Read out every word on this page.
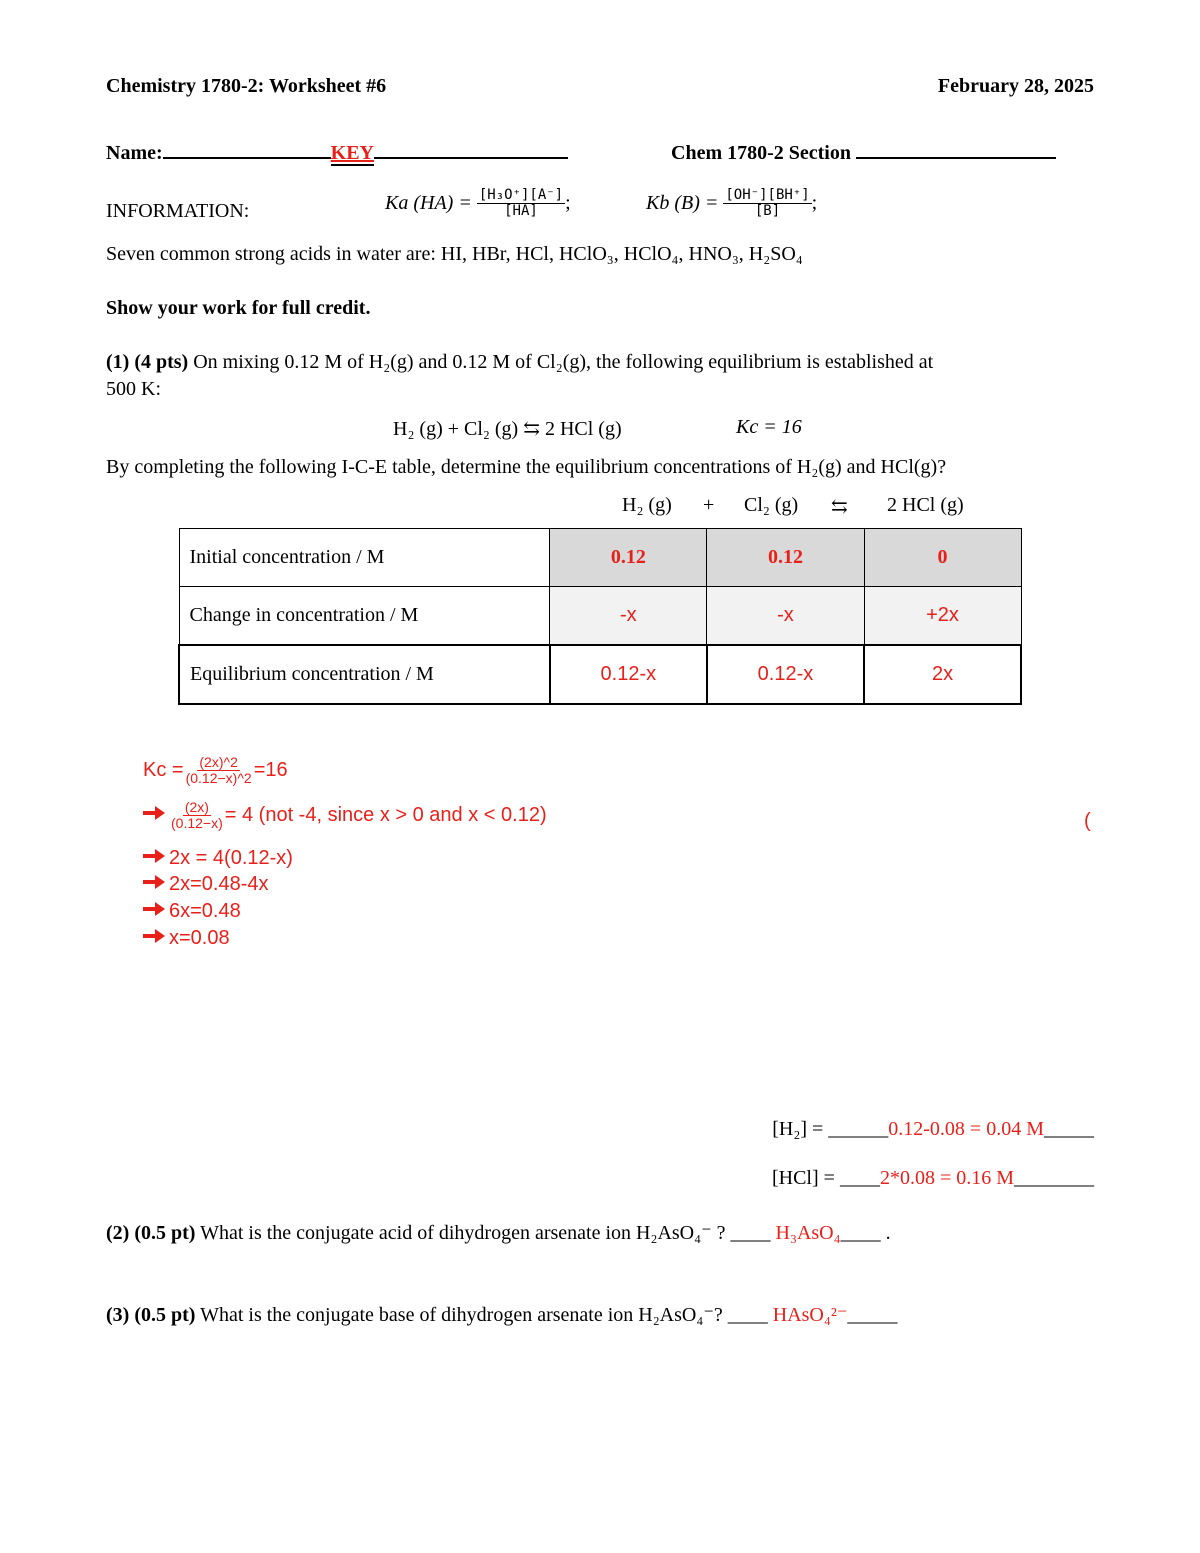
Chemistry 1780-2: Worksheet #6	February 28, 2025
Name:	KEY	Chem 1780-2 Section
INFORMATION:	Ka (HA) =
$\frac{\text{[H₃O⁺][A⁻]}}{[HA]}$ ;	Kb (B) =
$\frac{[OH^-][BH^+]}{[B]}$ ;
Seven common strong acids in water are: HI, HBr, HCl, HClO₃, HClO₄, HNO₃, H₂SO₄
Show your work for full credit.
(1) (4 pts) On mixing 0.12 M of H₂(g) and 0.12 M of Cl₂(g), the following equilibrium is established at
500 K:
H₂ (g) + Cl₂ (g) ⇆ 2 HCl (g)	Kc = 16
By completing the following I-C-E table, determine the equilibrium concentrations of H₂(g) and HCl(g)?
H₂ (g) + Cl₂ (g) ⇆ 2 HCl (g)
Initial concentration / M	0.12	0.12	0
Change in concentration / M	-x	-x	+2x
Equilibrium concentration / M	0.12-x	0.12-x	2x
$Kc = \frac{(2x)\^{}2}{(0.12-x)\^{}2} =16$
$\frac{(2x)}{(0.12-x)} = 4$ (not -4, since x > 0 and x < 0.12)	(
2x = 4(0.12-x)
2x=0.48-4x
6x=0.48
x=0.08
[H₂] = ______0.12-0.08 = 0.04 M_____
[HCl] = ____2*0.08 = 0.16 M________
(2) (0.5 pt) What is the conjugate acid of dihydrogen arsenate ion H₂AsO₄⁻ ? ____ H₃AsO₄____ .
(3) (0.5 pt) What is the conjugate base of dihydrogen arsenate ion H₂AsO₄⁻? ____ HAsO₄²⁻_____
